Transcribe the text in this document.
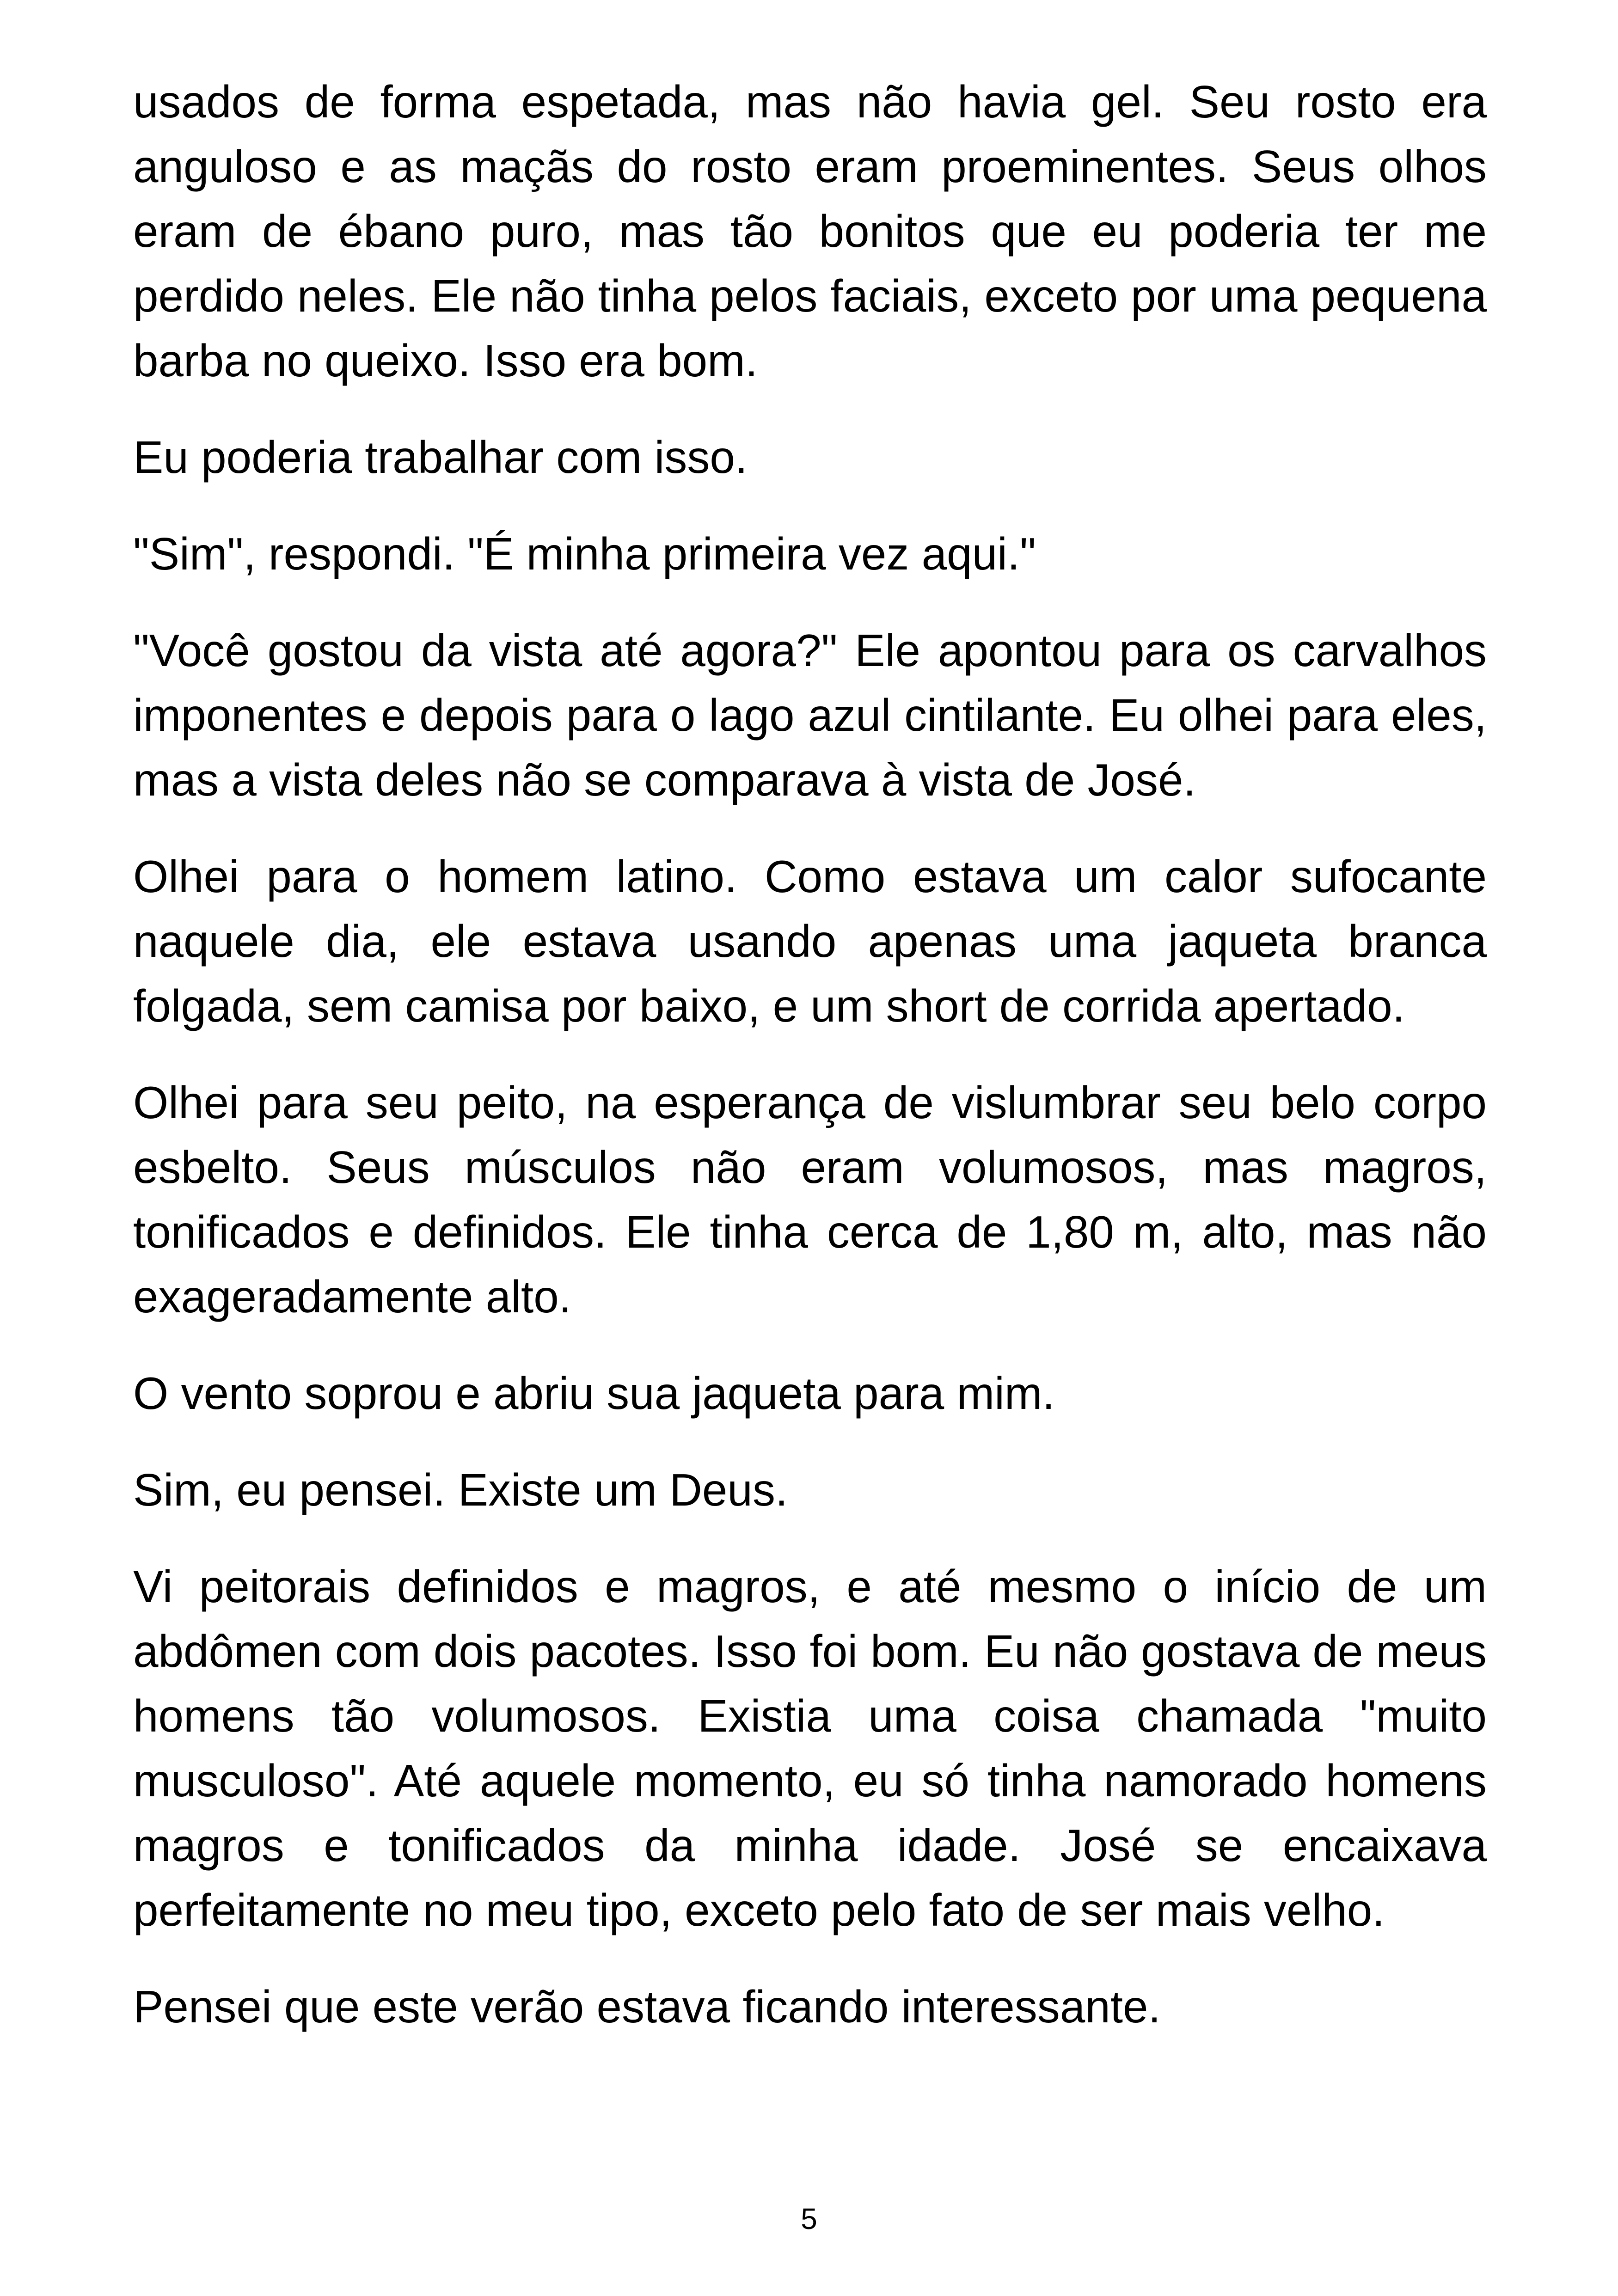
usados de forma espetada, mas não havia gel. Seu rosto era anguloso e as maçãs do rosto eram proeminentes. Seus olhos eram de ébano puro, mas tão bonitos que eu poderia ter me perdido neles. Ele não tinha pelos faciais, exceto por uma pequena barba no queixo. Isso era bom.

Eu poderia trabalhar com isso.

"Sim", respondi. "É minha primeira vez aqui."

"Você gostou da vista até agora?" Ele apontou para os carvalhos imponentes e depois para o lago azul cintilante. Eu olhei para eles, mas a vista deles não se comparava à vista de José.

Olhei para o homem latino. Como estava um calor sufocante naquele dia, ele estava usando apenas uma jaqueta branca folgada, sem camisa por baixo, e um short de corrida apertado.

Olhei para seu peito, na esperança de vislumbrar seu belo corpo esbelto. Seus músculos não eram volumosos, mas magros, tonificados e definidos. Ele tinha cerca de 1,80 m, alto, mas não exageradamente alto.

O vento soprou e abriu sua jaqueta para mim.

Sim, eu pensei. Existe um Deus.

Vi peitorais definidos e magros, e até mesmo o início de um abdômen com dois pacotes. Isso foi bom. Eu não gostava de meus homens tão volumosos. Existia uma coisa chamada "muito musculoso". Até aquele momento, eu só tinha namorado homens magros e tonificados da minha idade. José se encaixava perfeitamente no meu tipo, exceto pelo fato de ser mais velho.

Pensei que este verão estava ficando interessante.

5
